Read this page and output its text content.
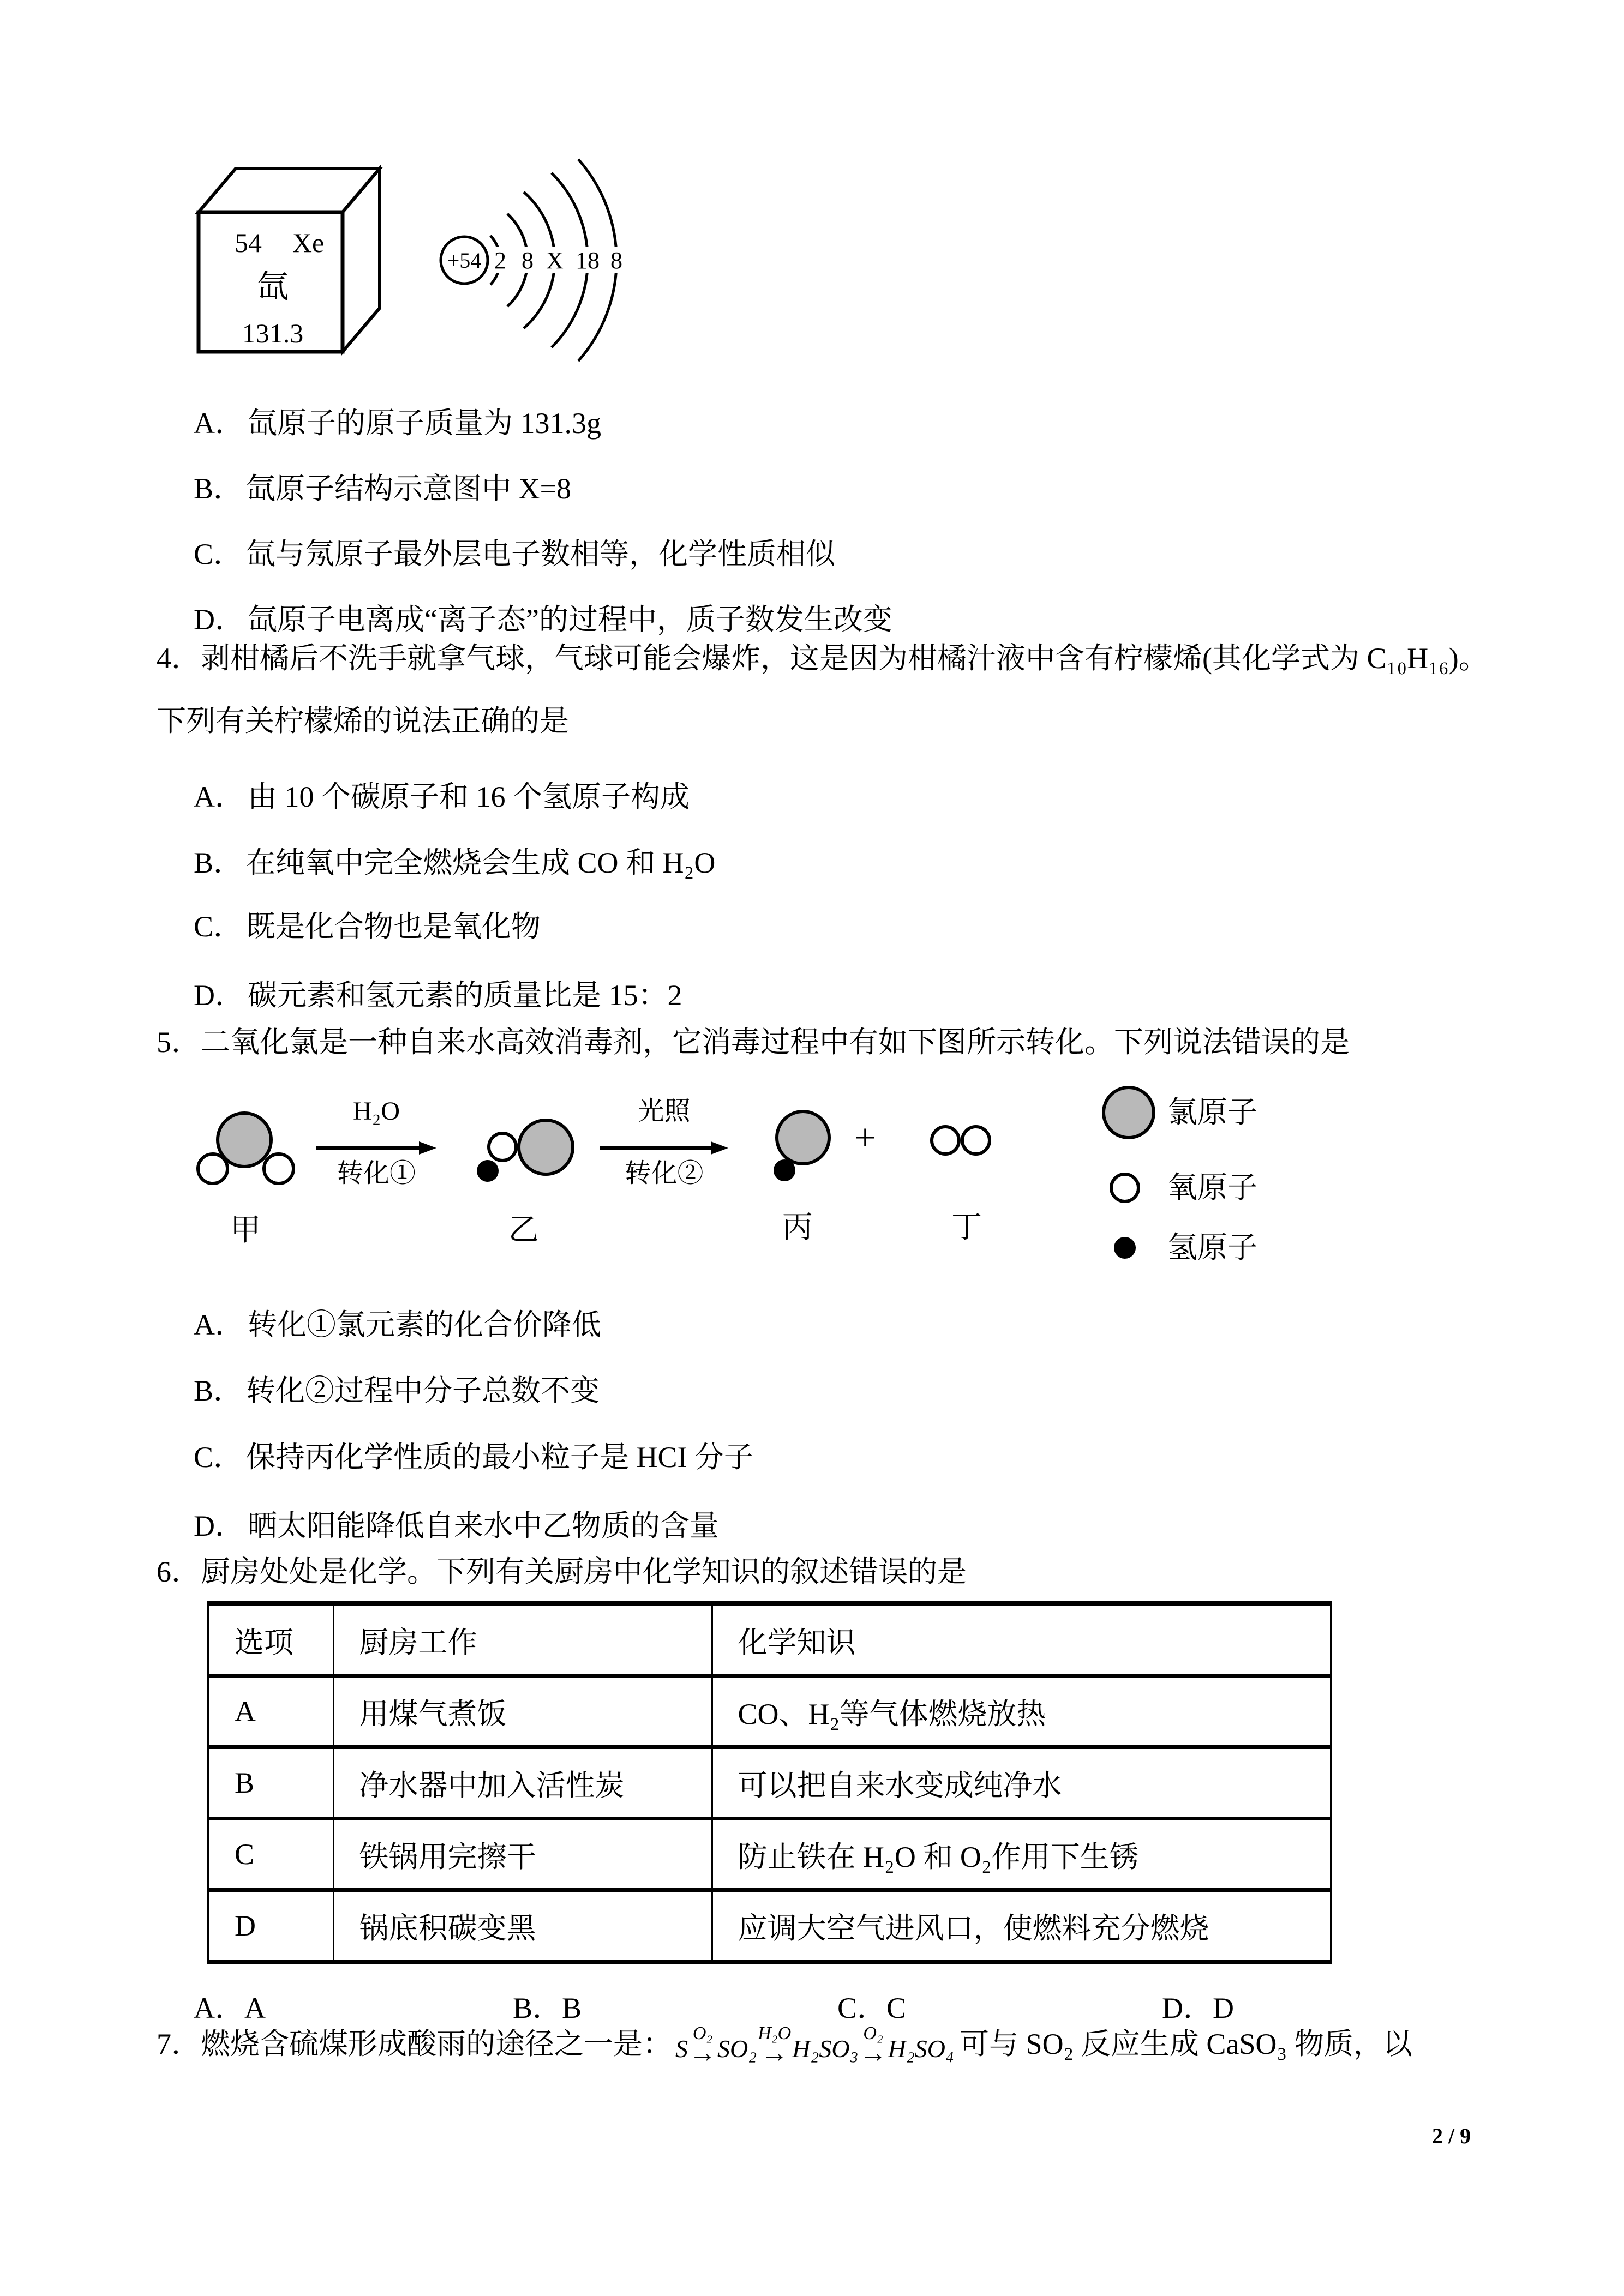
54 Xe
氙
131.3
+54 2 8 X 18 8
A． 氙原子的原子质量为 131.3g
B． 氙原子结构示意图中 X=8
C． 氙与氖原子最外层电子数相等，化学性质相似
D． 氙原子电离成“离子态”的过程中，质子数发生改变
4．剥柑橘后不洗手就拿气球，气球可能会爆炸，这是因为柑橘汁液中含有柠檬烯(其化学式为 C₁₀H₁₆)。
下列有关柠檬烯的说法正确的是
A． 由 10 个碳原子和 16 个氢原子构成
B． 在纯氧中完全燃烧会生成 CO 和 H₂O
C． 既是化合物也是氧化物
D． 碳元素和氢元素的质量比是 15：2
5．二氧化氯是一种自来水高效消毒剂，它消毒过程中有如下图所示转化。下列说法错误的是
H₂O
转化①
光照
转化②
+
甲	乙	丙	丁
氯原子
氧原子
氢原子
A． 转化①氯元素的化合价降低
B． 转化②过程中分子总数不变
C． 保持丙化学性质的最小粒子是 HCI 分子
D． 晒太阳能降低自来水中乙物质的含量
6．厨房处处是化学。下列有关厨房中化学知识的叙述错误的是
选项	厨房工作	化学知识
A	用煤气煮饭	CO、H₂等气体燃烧放热
B	净水器中加入活性炭	可以把自来水变成纯净水
C	铁锅用完擦干	防止铁在 H₂O 和 O₂作用下生锈
D	锅底积碳变黑	应调大空气进风口，使燃料充分燃烧
A．A	B．B	C．C	D．D
7．燃烧含硫煤形成酸雨的途径之一是： S
O₂
→ SO₂
H₂O
→ H₂SO₃
O₂
→ H₂SO₄ 可与 SO₂ 反应生成 CaSO₃ 物质，以
2 / 9
